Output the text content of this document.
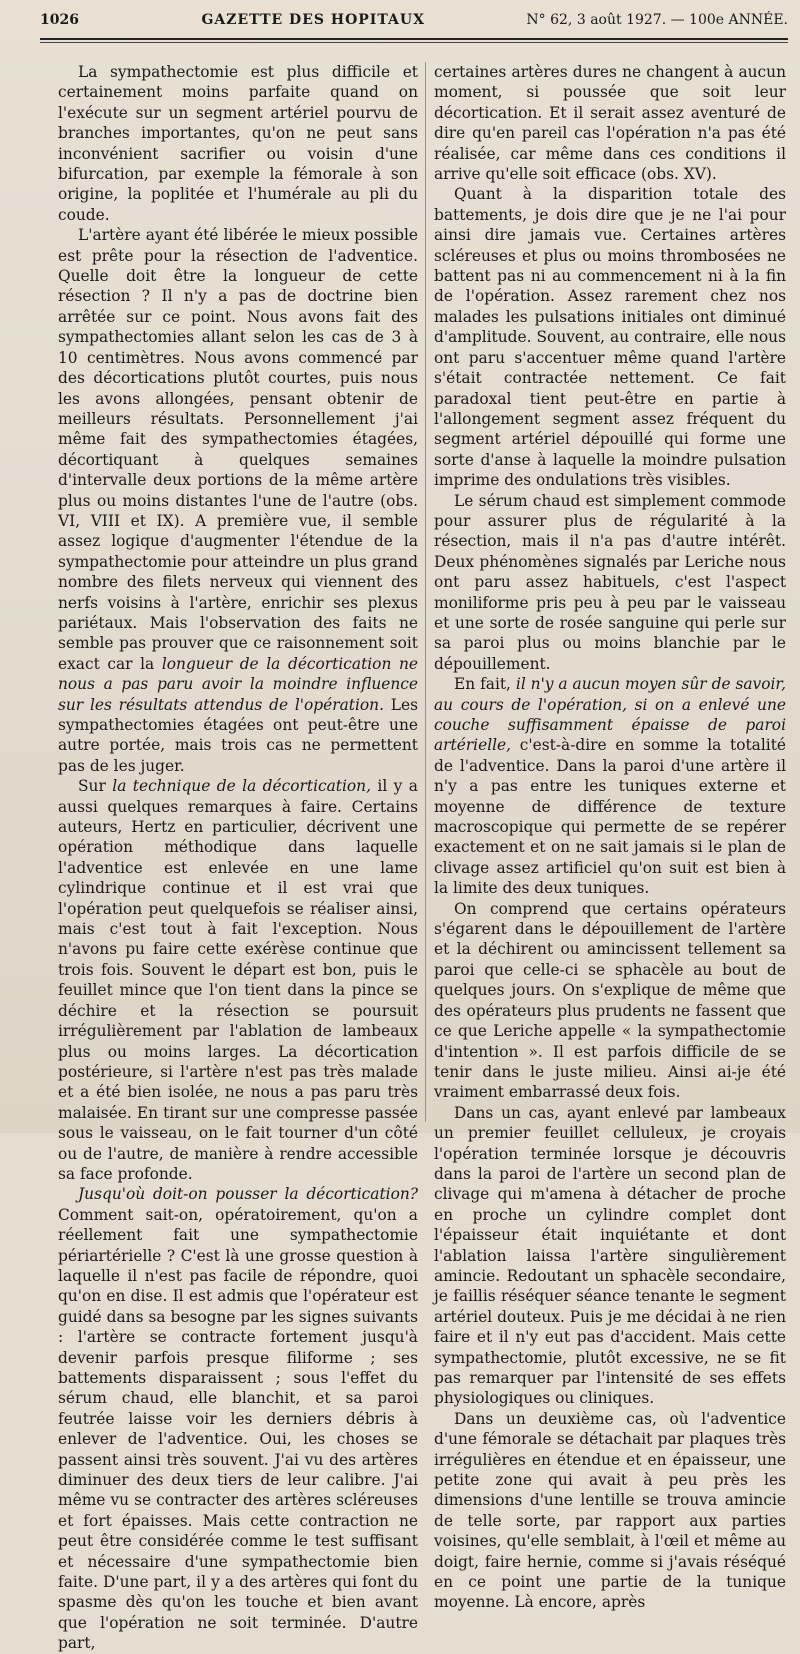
1026	GAZETTE DES HOPITAUX	N° 62, 3 août 1927. — 100e ANNÉE.

La sympathectomie est plus difficile et certainement moins parfaite quand on l'exécute sur un segment artériel pourvu de branches importantes, qu'on ne peut sans inconvénient sacrifier ou voisin d'une bifurcation, par exemple la fémorale à son origine, la poplitée et l'humérale au pli du coude.

L'artère ayant été libérée le mieux possible est prête pour la résection de l'adventice. Quelle doit être la longueur de cette résection ? Il n'y a pas de doctrine bien arrêtée sur ce point. Nous avons fait des sympathectomies allant selon les cas de 3 à 10 centimètres. Nous avons commencé par des décortications plutôt courtes, puis nous les avons allongées, pensant obtenir de meilleurs résultats. Personnellement j'ai même fait des sympathectomies étagées, décortiquant à quelques semaines d'intervalle deux portions de la même artère plus ou moins distantes l'une de l'autre (obs. VI, VIII et IX). A première vue, il semble assez logique d'augmenter l'étendue de la sympathectomie pour atteindre un plus grand nombre des filets nerveux qui viennent des nerfs voisins à l'artère, enrichir ses plexus pariétaux. Mais l'observation des faits ne semble pas prouver que ce raisonnement soit exact car la longueur de la décortication ne nous a pas paru avoir la moindre influence sur les résultats attendus de l'opération. Les sympathectomies étagées ont peut-être une autre portée, mais trois cas ne permettent pas de les juger.

Sur la technique de la décortication, il y a aussi quelques remarques à faire. Certains auteurs, Hertz en particulier, décrivent une opération méthodique dans laquelle l'adventice est enlevée en une lame cylindrique continue et il est vrai que l'opération peut quelquefois se réaliser ainsi, mais c'est tout à fait l'exception. Nous n'avons pu faire cette exérèse continue que trois fois. Souvent le départ est bon, puis le feuillet mince que l'on tient dans la pince se déchire et la résection se poursuit irrégulièrement par l'ablation de lambeaux plus ou moins larges. La décortication postérieure, si l'artère n'est pas très malade et a été bien isolée, ne nous a pas paru très malaisée. En tirant sur une compresse passée sous le vaisseau, on le fait tourner d'un côté ou de l'autre, de manière à rendre accessible sa face profonde.

Jusqu'où doit-on pousser la décortication? Comment sait-on, opératoirement, qu'on a réellement fait une sympathectomie périartérielle ? C'est là une grosse question à laquelle il n'est pas facile de répondre, quoi qu'on en dise. Il est admis que l'opérateur est guidé dans sa besogne par les signes suivants : l'artère se contracte fortement jusqu'à devenir parfois presque filiforme ; ses battements disparaissent ; sous l'effet du sérum chaud, elle blanchit, et sa paroi feutrée laisse voir les derniers débris à enlever de l'adventice. Oui, les choses se passent ainsi très souvent. J'ai vu des artères diminuer des deux tiers de leur calibre. J'ai même vu se contracter des artères scléreuses et fort épaisses. Mais cette contraction ne peut être considérée comme le test suffisant et nécessaire d'une sympathectomie bien faite. D'une part, il y a des artères qui font du spasme dès qu'on les touche et bien avant que l'opération ne soit terminée. D'autre part,

certaines artères dures ne changent à aucun moment, si poussée que soit leur décortication. Et il serait assez aventuré de dire qu'en pareil cas l'opération n'a pas été réalisée, car même dans ces conditions il arrive qu'elle soit efficace (obs. XV).

Quant à la disparition totale des battements, je dois dire que je ne l'ai pour ainsi dire jamais vue. Certaines artères scléreuses et plus ou moins thrombosées ne battent pas ni au commencement ni à la fin de l'opération. Assez rarement chez nos malades les pulsations initiales ont diminué d'amplitude. Souvent, au contraire, elle nous ont paru s'accentuer même quand l'artère s'était contractée nettement. Ce fait paradoxal tient peut-être en partie à l'allongement segment assez fréquent du segment artériel dépouillé qui forme une sorte d'anse à laquelle la moindre pulsation imprime des ondulations très visibles.

Le sérum chaud est simplement commode pour assurer plus de régularité à la résection, mais il n'a pas d'autre intérêt. Deux phénomènes signalés par Leriche nous ont paru assez habituels, c'est l'aspect moniliforme pris peu à peu par le vaisseau et une sorte de rosée sanguine qui perle sur sa paroi plus ou moins blanchie par le dépouillement.

En fait, il n'y a aucun moyen sûr de savoir, au cours de l'opération, si on a enlevé une couche suffisamment épaisse de paroi artérielle, c'est-à-dire en somme la totalité de l'adventice. Dans la paroi d'une artère il n'y a pas entre les tuniques externe et moyenne de différence de texture macroscopique qui permette de se repérer exactement et on ne sait jamais si le plan de clivage assez artificiel qu'on suit est bien à la limite des deux tuniques.

On comprend que certains opérateurs s'égarent dans le dépouillement de l'artère et la déchirent ou amincissent tellement sa paroi que celle-ci se sphacèle au bout de quelques jours. On s'explique de même que des opérateurs plus prudents ne fassent que ce que Leriche appelle « la sympathectomie d'intention ». Il est parfois difficile de se tenir dans le juste milieu. Ainsi ai-je été vraiment embarrassé deux fois.

Dans un cas, ayant enlevé par lambeaux un premier feuillet celluleux, je croyais l'opération terminée lorsque je découvris dans la paroi de l'artère un second plan de clivage qui m'amena à détacher de proche en proche un cylindre complet dont l'épaisseur était inquiétante et dont l'ablation laissa l'artère singulièrement amincie. Redoutant un sphacèle secondaire, je faillis réséquer séance tenante le segment artériel douteux. Puis je me décidai à ne rien faire et il n'y eut pas d'accident. Mais cette sympathectomie, plutôt excessive, ne se fit pas remarquer par l'intensité de ses effets physiologiques ou cliniques.

Dans un deuxième cas, où l'adventice d'une fémorale se détachait par plaques très irrégulières en étendue et en épaisseur, une petite zone qui avait à peu près les dimensions d'une lentille se trouva amincie de telle sorte, par rapport aux parties voisines, qu'elle semblait, à l'œil et même au doigt, faire hernie, comme si j'avais réséqué en ce point une partie de la tunique moyenne. Là encore, après
